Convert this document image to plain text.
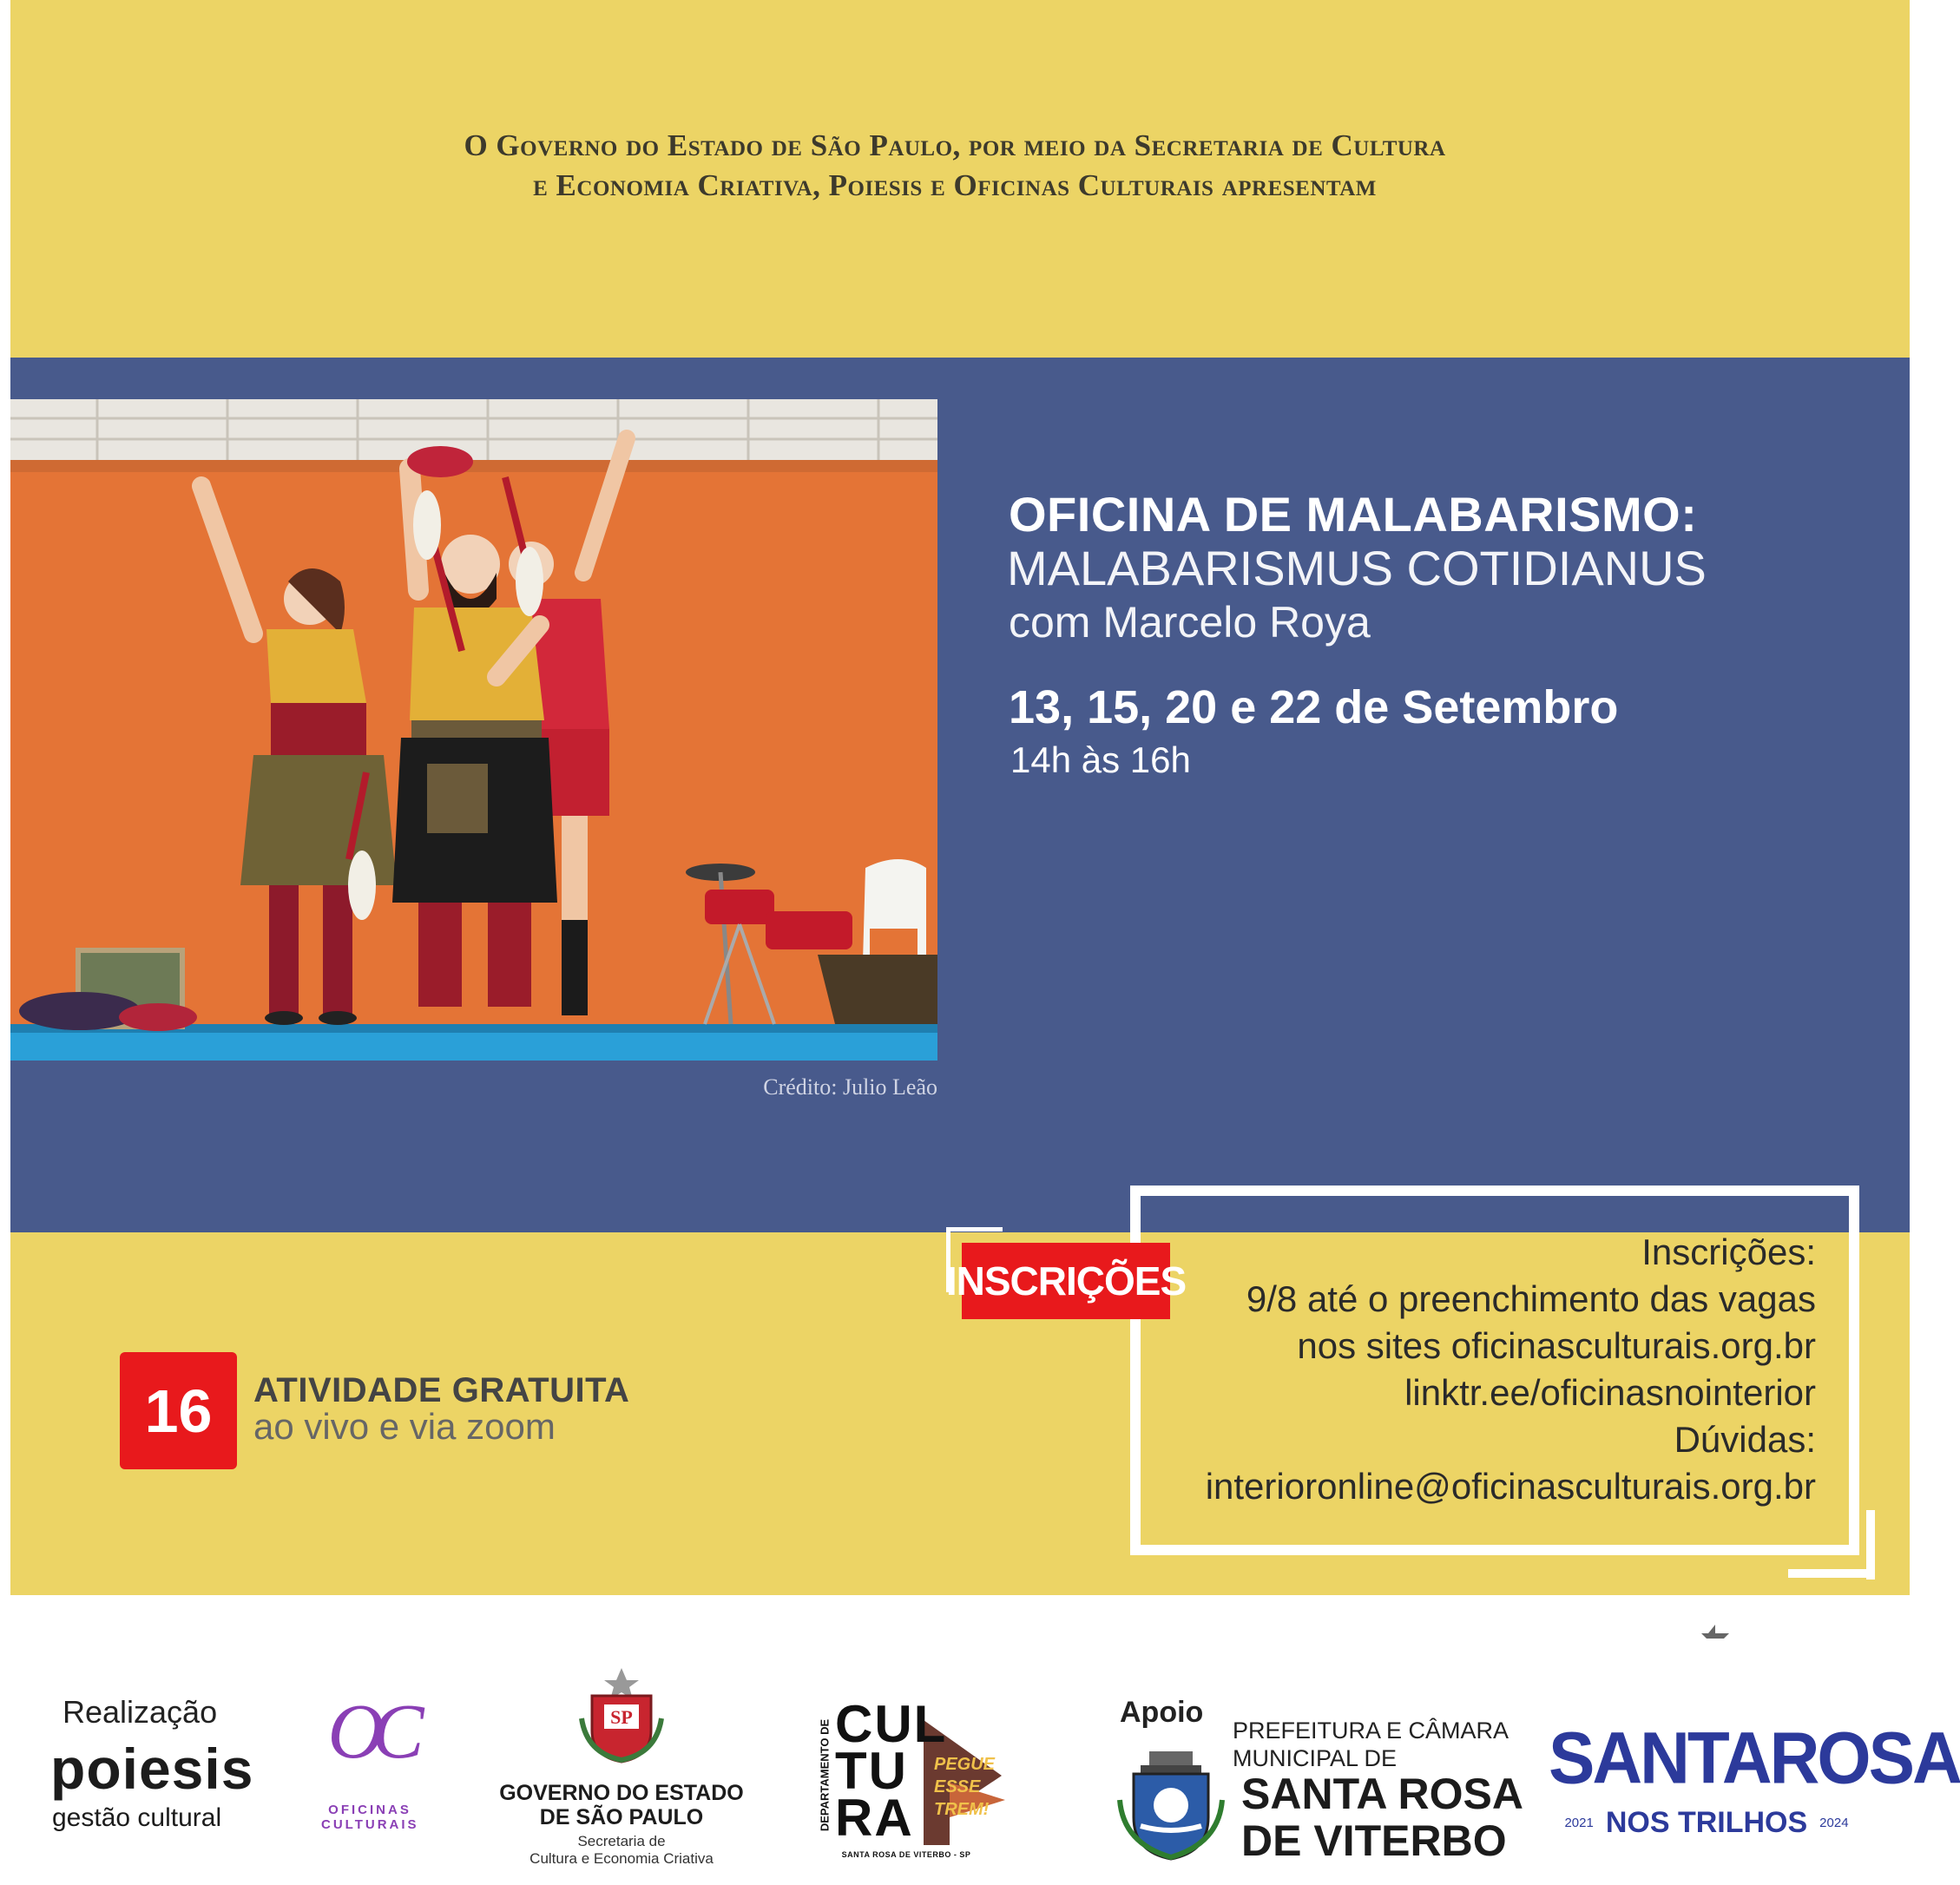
O Governo do Estado de São Paulo, por meio da Secretaria de Cultura
e Economia Criativa, Poiesis e Oficinas Culturais apresentam
Crédito: Julio Leão
OFICINA DE MALABARISMO:
MALABARISMUS COTIDIANUS
com Marcelo Roya
13, 15, 20 e 22 de Setembro
14h às 16h
16	ATIVIDADE GRATUITA
ao vivo e via zoom
INSCRIÇÕES
Inscrições:
9/8 até o preenchimento das vagas
nos sites oficinasculturais.org.br
linktr.ee/oficinasnointerior
Dúvidas:
interioronline@oficinasculturais.org.br
Realização
poiesis
gestão cultural
OC
OFICINAS
CULTURAIS
SP
GOVERNO DO ESTADO
DE SÃO PAULO
Secretaria de
Cultura e Economia Criativa
DEPARTAMENTO DE CUL
TU
RA
PEGUE
ESSE
TREM!
SANTA ROSA DE VITERBO - SP
Apoio
PREFEITURA E CÂMARA
MUNICIPAL DE
SANTA ROSA
DE VITERBO
SANTAROSA
2021 NOS TRILHOS 2024
